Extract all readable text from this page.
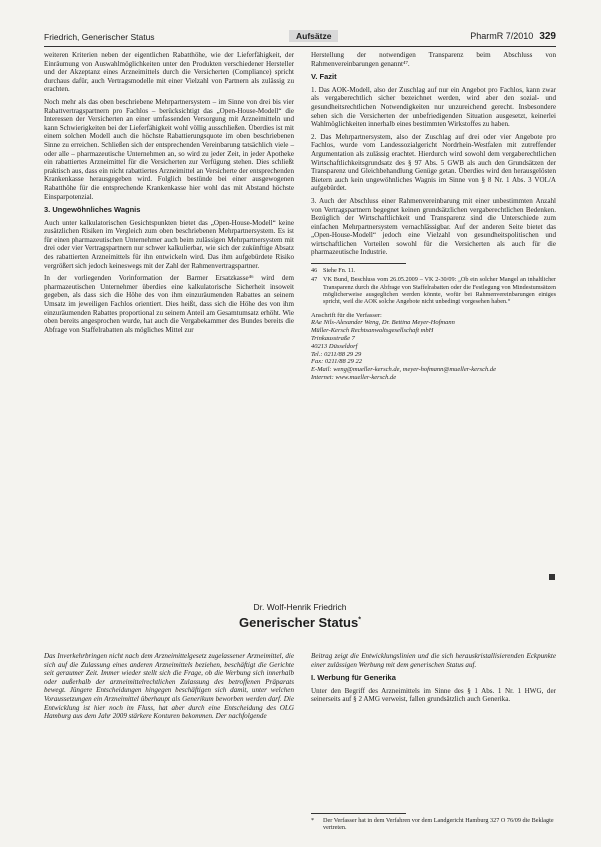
Friedrich, Generischer Status	Aufsätze	PharmR 7/2010 329

weiteren Kriterien neben der eigentlichen Rabatthöhe, wie der Lieferfähigkeit, der Einräumung von Auswahlmöglichkeiten unter den Produkten verschiedener Hersteller und der Akzeptanz eines Arzneimittels durch die Versicherten (Compliance) spricht durchaus dafür, auch Vertragsmodelle mit einer Vielzahl von Partnern als zulässig zu erachten.

Noch mehr als das oben beschriebene Mehrpartnersystem – im Sinne von drei bis vier Rabattvertragspartnern pro Fachlos – berücksichtigt das „Open-House-Modell“ die Interessen der Versicherten an einer umfassenden Versorgung mit Arzneimitteln und kann Schwierigkeiten bei der Lieferfähigkeit wohl völlig ausschließen. Überdies ist mit einem solchen Modell auch die höchste Rabattierungsquote im oben beschriebenen Sinne zu erreichen. Schließen sich der entsprechenden Vereinbarung tatsächlich viele – oder alle – pharmazeutische Unternehmen an, so wird zu jeder Zeit, in jeder Apotheke ein rabattiertes Arzneimittel für die Versicherten zur Verfügung stehen. Dies schließt praktisch aus, dass ein nicht rabattiertes Arzneimittel an Versicherte der entsprechenden Krankenkasse herausgegeben wird. Folglich bestünde bei einer ausgewogenen Rabatthöhe für die entsprechende Krankenkasse hier wohl das mit Abstand höchste Einsparpotenzial.

3. Ungewöhnliches Wagnis

Auch unter kalkulatorischen Gesichtspunkten bietet das „Open-House-Modell“ keine zusätzlichen Risiken im Vergleich zum oben beschriebenen Mehrpartnersystem. Es ist für einen pharmazeutischen Unternehmer auch beim zulässigen Mehrpartnersystem mit drei oder vier Vertragspartnern nur schwer kalkulierbar, wie sich der zukünftige Absatz des rabattierten Arzneimittels für ihn entwickeln wird. Das ihm aufgebürdete Risiko vergrößert sich jedoch keineswegs mit der Zahl der Rahmenvertragspartner.

In der vorliegenden Vorinformation der Barmer Ersatzkasse⁴⁶ wird dem pharmazeutischen Unternehmer überdies eine kalkulatorische Sicherheit insoweit gegeben, als dass sich die Höhe des von ihm einzuräumenden Rabattes an seinem Umsatz im jeweiligen Fachlos orientiert. Dies heißt, dass sich die Höhe des von ihm einzuräumenden Rabattes proportional zu seinem Anteil am Gesamtumsatz erhöht. Wie oben bereits angesprochen wurde, hat auch die Vergabekammer des Bundes bereits die Abfrage von Staffelrabatten als mögliches Mittel zur

Herstellung der notwendigen Transparenz beim Abschluss von Rahmenvereinbarungen genannt⁴⁷.

V. Fazit

1. Das AOK-Modell, also der Zuschlag auf nur ein Angebot pro Fachlos, kann zwar als vergaberechtlich sicher bezeichnet werden, wird aber den sozial- und gesundheitsrechtlichen Notwendigkeiten nur unzureichend gerecht. Insbesondere sehen sich die Versicherten der unbefriedigenden Situation ausgesetzt, keinerlei Wahlmöglichkeiten innerhalb eines bestimmten Wirkstoffes zu haben.

2. Das Mehrpartnersystem, also der Zuschlag auf drei oder vier Angebote pro Fachlos, wurde vom Landessozialgericht Nordrhein-Westfalen mit zutreffender Argumentation als zulässig erachtet. Hierdurch wird sowohl dem vergaberechtlichen Wirtschaftlichkeitsgrundsatz des § 97 Abs. 5 GWB als auch den Grundsätzen der Transparenz und Gleichbehandlung Genüge getan. Überdies wird den herausgelösten Bietern auch kein ungewöhnliches Wagnis im Sinne von § 8 Nr. 1 Abs. 3 VOL/A aufgebürdet.

3. Auch der Abschluss einer Rahmenvereinbarung mit einer unbestimmten Anzahl von Vertragspartnern begegnet keinen grundsätzlichen vergaberechtlichen Bedenken. Bezüglich der Wirtschaftlichkeit und Transparenz sind die Unterschiede zum einfachen Mehrpartnersystem vernachlässigbar. Auf der anderen Seite bietet das „Open-House-Modell“ jedoch eine Vielzahl von gesundheitspolitischen und wirtschaftlichen Vorteilen sowohl für die Versicherten als auch für die pharmazeutische Industrie.

46 Siehe Fn. 11.
47 VK Bund, Beschluss vom 26.05.2009 – VK 2-30/09: „Ob ein solcher Mangel an inhaltlicher Transparenz durch die Abfrage von Staffelrabatten oder die Festlegung von Mindestumsätzen möglicherweise ausgeglichen werden könnte, wofür bei Rahmenvereinbarungen einiges spricht, weil die AOK solche Angebote nicht unbedingt vorgesehen haben.“
Anschrift für die Verfasser:
RAe Nils-Alexander Weng, Dr. Bettina Meyer-Hofmann
Müller-Kersch Rechtsanwaltsgesellschaft mbH
Trinkausstraße 7
40213 Düsseldorf
Tel.: 0211/88 29 29
Fax: 0211/88 29 22
E-Mail: weng@mueller-kersch.de, meyer-hofmann@mueller-kersch.de
Internet: www.mueller-kersch.de
Dr. Wolf-Henrik Friedrich
Generischer Status*
Das Inverkehrbringen nicht nach dem Arzneimittelgesetz zugelassener Arzneimittel, die sich auf die Zulassung eines anderen Arzneimittels beziehen, beschäftigt die Gerichte seit geraumer Zeit. Immer wieder stellt sich die Frage, ob die Werbung sich innerhalb oder außerhalb der arzneimittelrechtlichen Zulassung des betroffenen Präparats bewegt. Jüngere Entscheidungen hingegen beschäftigen sich damit, unter welchen Voraussetzungen ein Arzneimittel überhaupt als Generikum beworben werden darf. Die Entwicklung ist hier noch im Fluss, hat aber durch eine Entscheidung des OLG Hamburg aus dem Jahr 2009 stärkere Konturen bekommen. Der nachfolgende

Beitrag zeigt die Entwicklungslinien und die sich herauskristallisierenden Eckpunkte einer zulässigen Werbung mit dem generischen Status auf.

I. Werbung für Generika

Unter den Begriff des Arzneimittels im Sinne des § 1 Abs. 1 Nr. 1 HWG, der seinerseits auf § 2 AMG verweist, fallen grundsätzlich auch Generika.

*	Der Verfasser hat in dem Verfahren vor dem Landgericht Hamburg 327 O 76/09 die Beklagte vertreten.
